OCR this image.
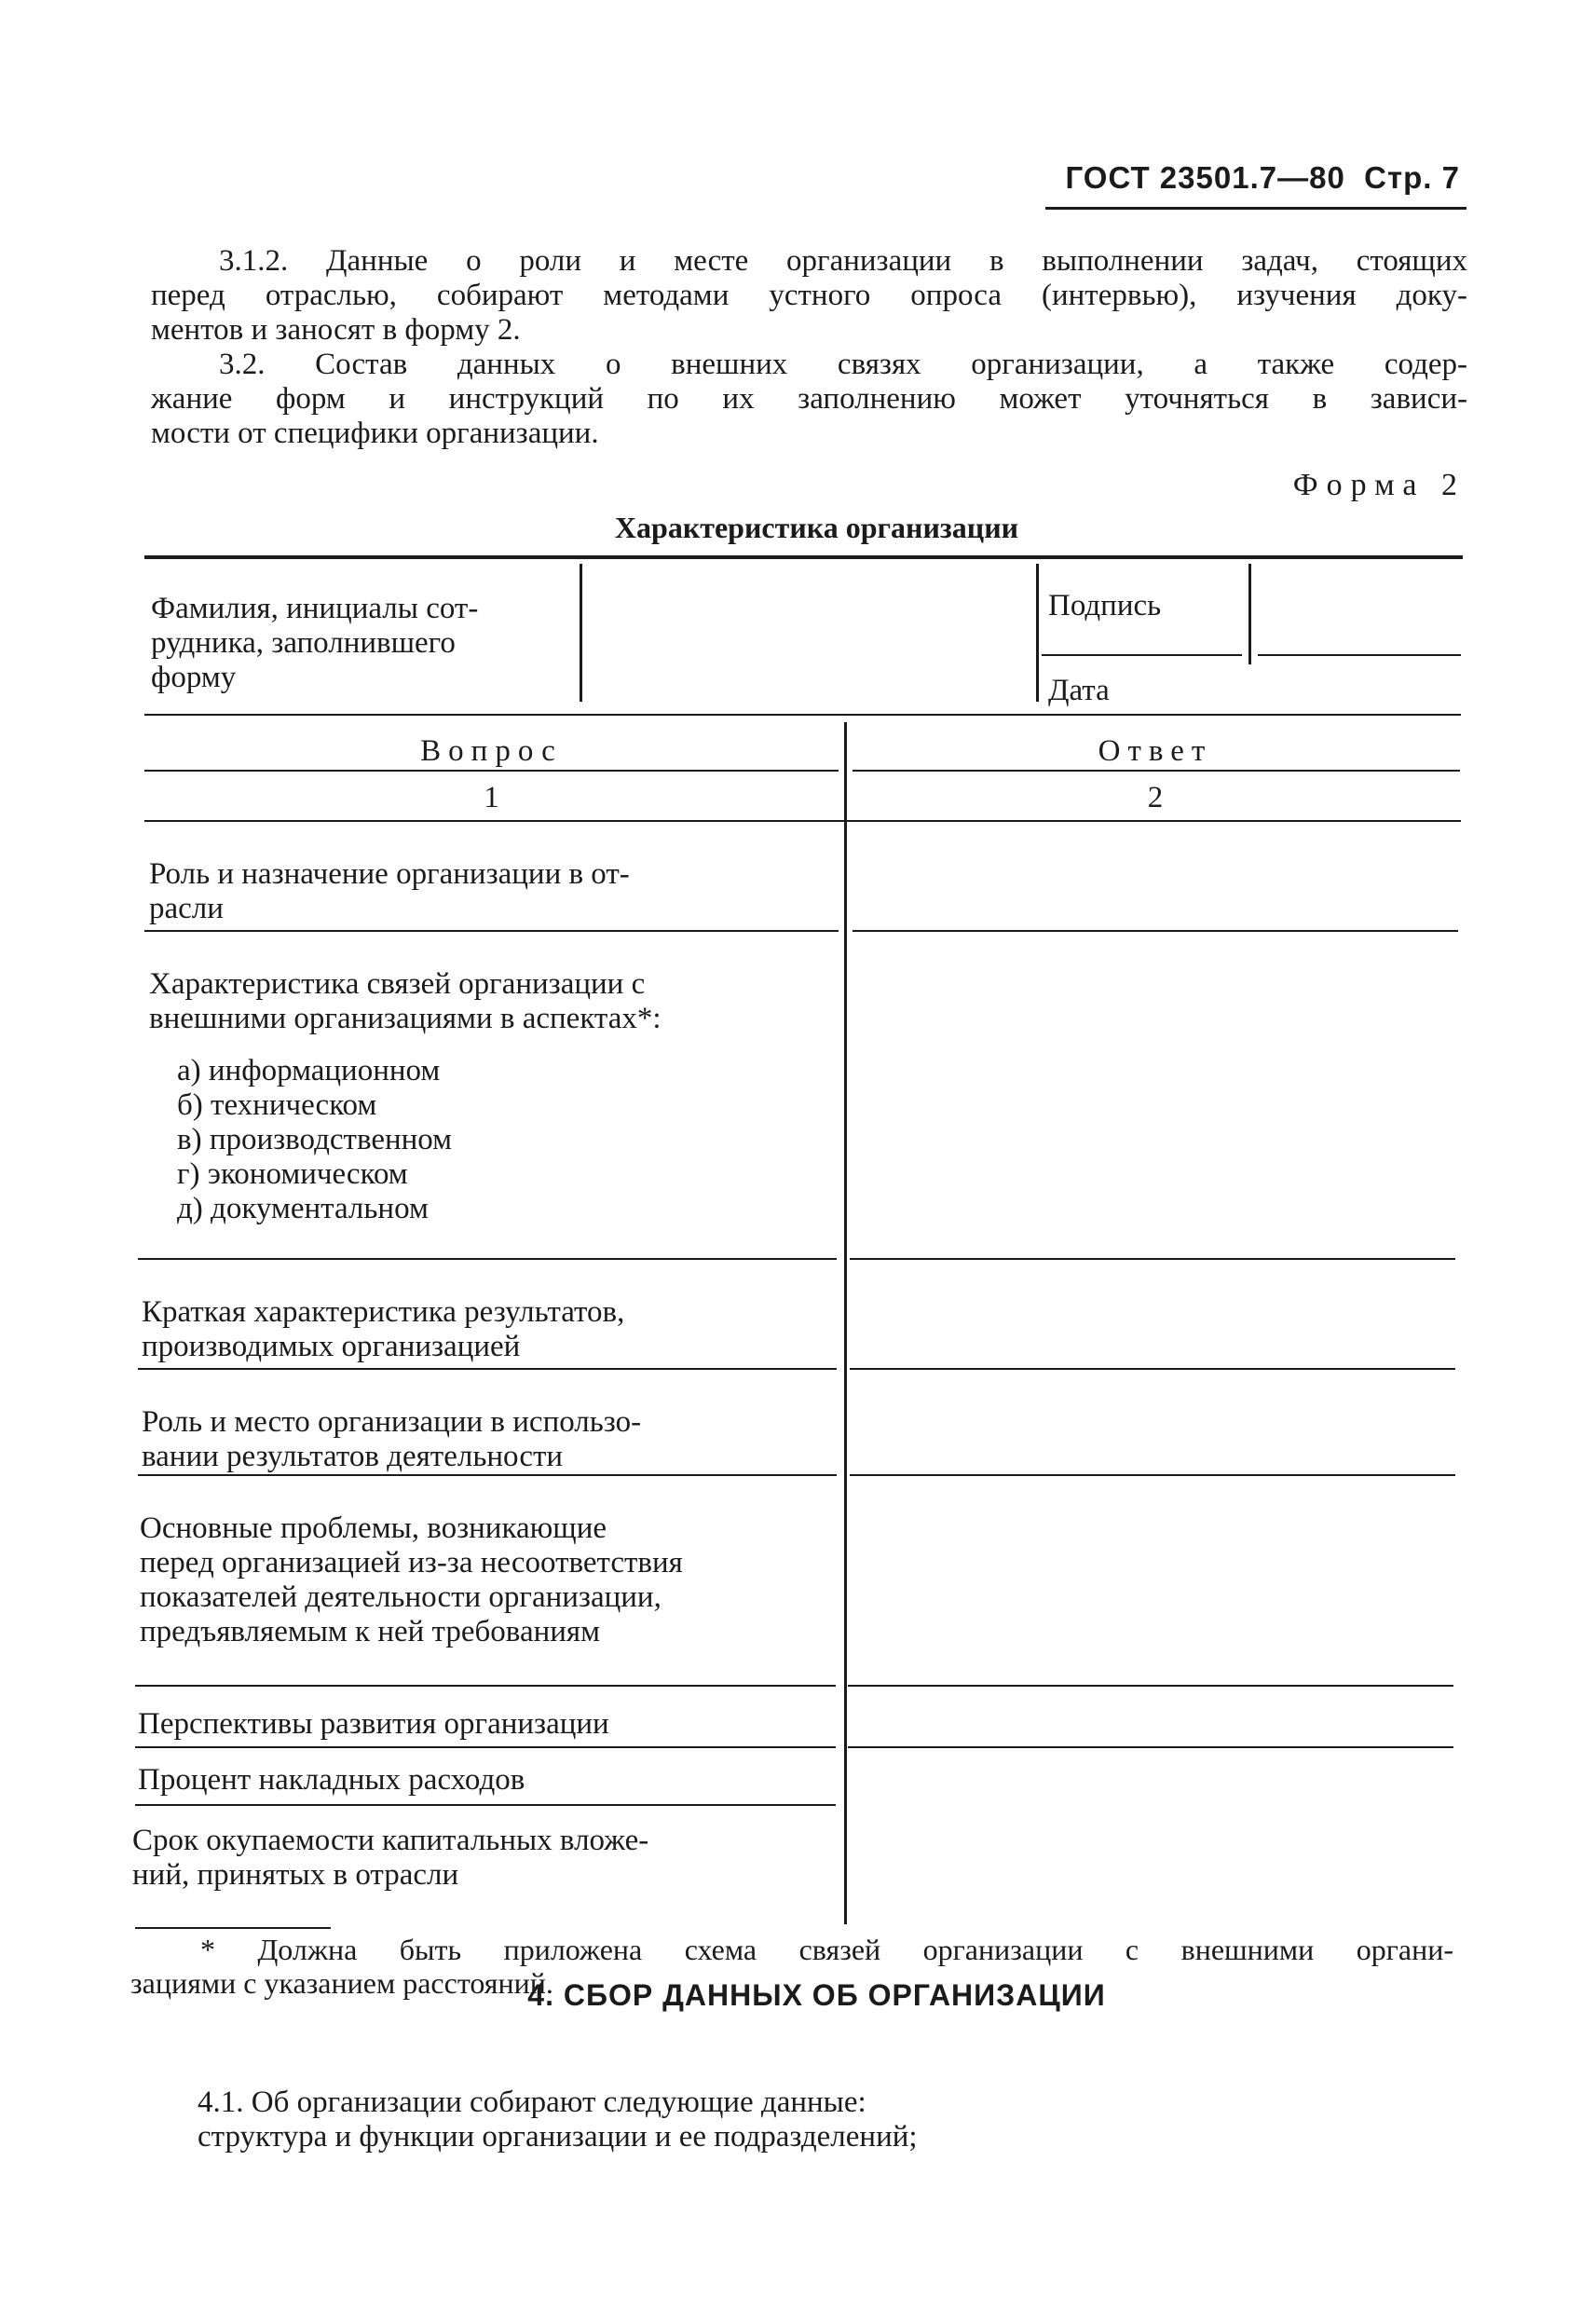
ГОСТ 23501.7—80 Стр. 7
3.1.2. Данные о роли и месте организации в выполнении задач, стоящих
перед отраслью, собирают методами устного опроса (интервью), изучения доку-
ментов и заносят в форму 2.
3.2. Состав данных о внешних связях организации, а также содер-
жание форм и инструкций по их заполнению может уточняться в зависи-
мости от специфики организации.
Форма 2
Характеристика организации
Фамилия, инициалы сот-
рудника, заполнившего
форму
Подпись
Дата
Вопрос	Ответ
1	2
Роль и назначение организации в от-
расли
Характеристика связей организации с
внешними организациями в аспектах*:
а) информационном
б) техническом
в) производственном
г) экономическом
д) документальном
Краткая характеристика результатов,
производимых организацией
Роль и место организации в использо-
вании результатов деятельности
Основные проблемы, возникающие
перед организацией из-за несоответствия
показателей деятельности организации,
предъявляемым к ней требованиям
Перспективы развития организации
Процент накладных расходов
Срок окупаемости капитальных вложе-
ний, принятых в отрасли
* Должна быть приложена схема связей организации с внешними органи-
зациями с указанием расстояний.
4. СБОР ДАННЫХ ОБ ОРГАНИЗАЦИИ
4.1. Об организации собирают следующие данные:
структура и функции организации и ее подразделений;
